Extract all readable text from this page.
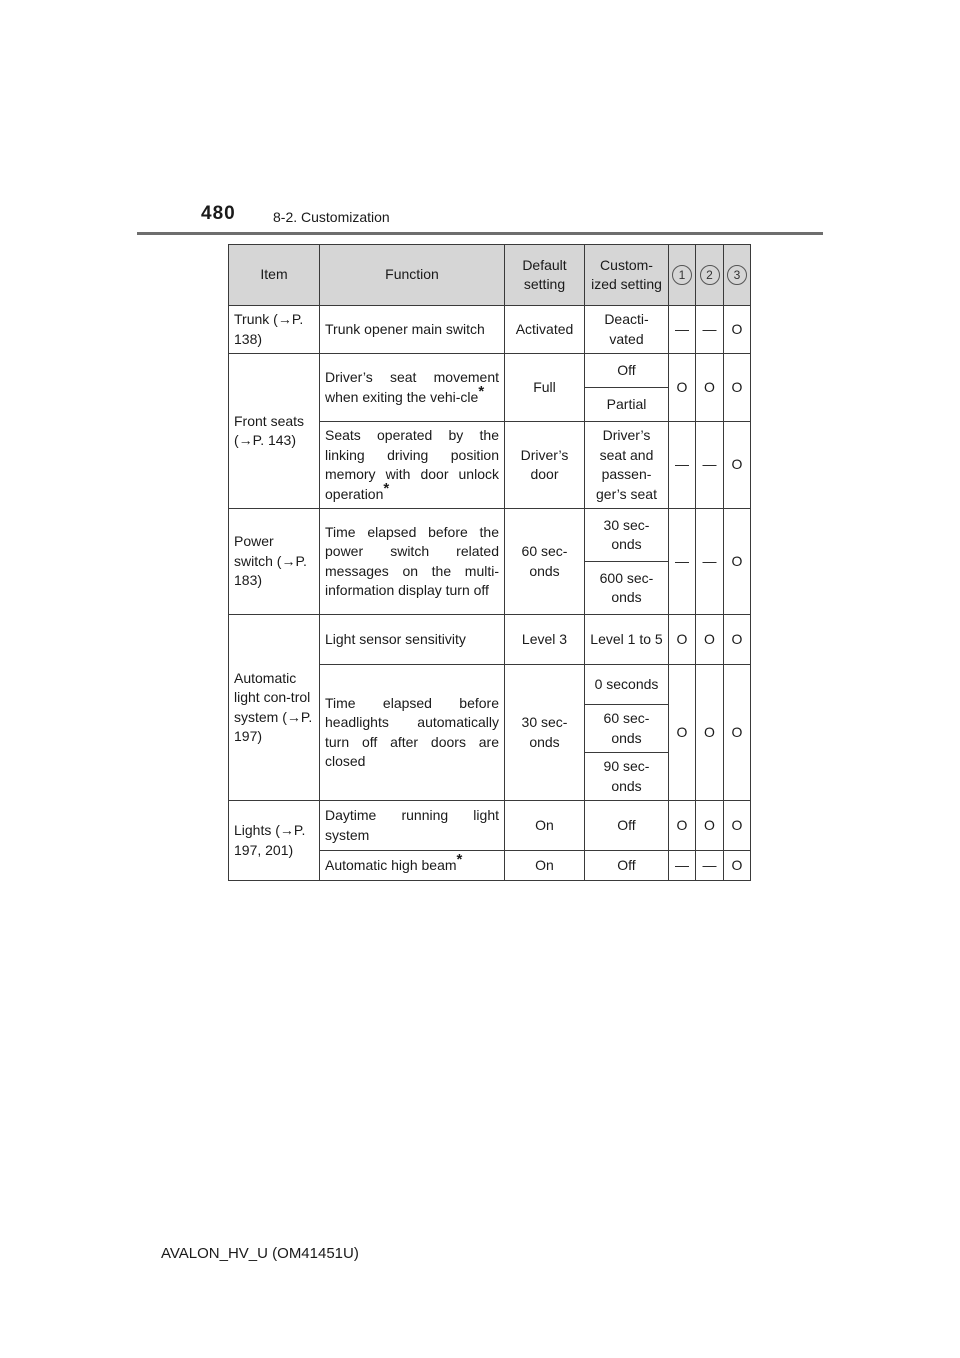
480	8-2. Customization
Item	Function	Default setting	Custom-ized setting	1	2	3
Trunk (→P. 138)	Trunk opener main switch	Activated	Deacti-vated	—	—	O
Front seats (→P. 143)	Driver’s seat movement when exiting the vehi-cle*	Full	Off	O	O	O
			Partial			
	Seats operated by the linking driving position memory with door unlock operation*	Driver’s door	Driver’s seat and passen-ger’s seat	—	—	O
Power switch (→P. 183)	Time elapsed before the power switch related messages on the multi-information display turn off	60 sec-onds	30 sec-onds	—	—	O
			600 sec-onds			
Automatic light con-trol system (→P. 197)	Light sensor sensitivity	Level 3	Level 1 to 5	O	O	O
	Time elapsed before headlights automatically turn off after doors are closed	30 sec-onds	0 seconds	O	O	O
			60 sec-onds			
			90 sec-onds			
Lights (→P. 197, 201)	Daytime running light system	On	Off	O	O	O
	Automatic high beam*	On	Off	—	—	O
AVALON_HV_U (OM41451U)
